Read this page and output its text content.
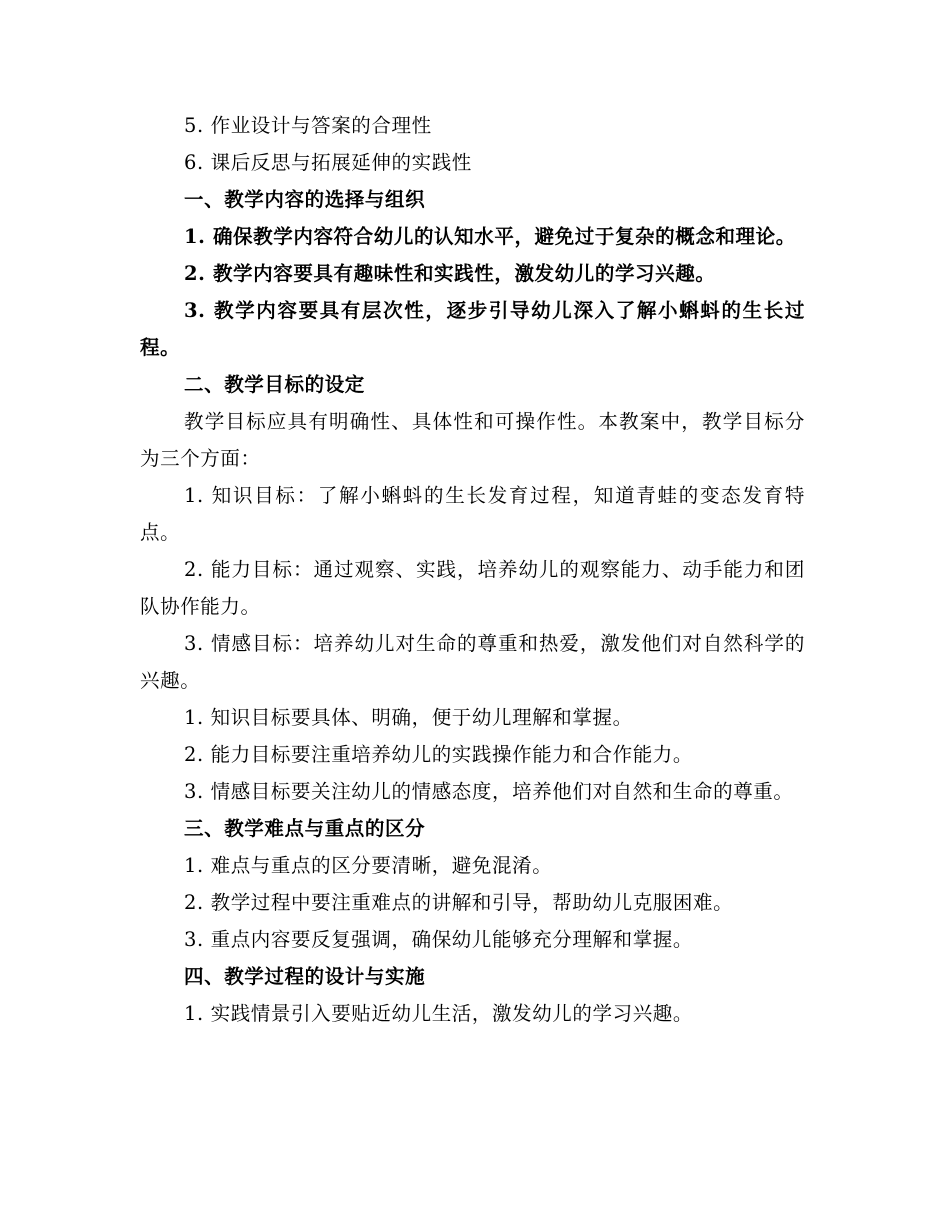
5. 作业设计与答案的合理性

6. 课后反思与拓展延伸的实践性

一、教学内容的选择与组织

1. 确保教学内容符合幼儿的认知水平，避免过于复杂的概念和理论。

2. 教学内容要具有趣味性和实践性，激发幼儿的学习兴趣。

3. 教学内容要具有层次性，逐步引导幼儿深入了解小蝌蚪的生长过程。

二、教学目标的设定

教学目标应具有明确性、具体性和可操作性。本教案中，教学目标分为三个方面：

1. 知识目标：了解小蝌蚪的生长发育过程，知道青蛙的变态发育特点。

2. 能力目标：通过观察、实践，培养幼儿的观察能力、动手能力和团队协作能力。

3. 情感目标：培养幼儿对生命的尊重和热爱，激发他们对自然科学的兴趣。

1. 知识目标要具体、明确，便于幼儿理解和掌握。

2. 能力目标要注重培养幼儿的实践操作能力和合作能力。

3. 情感目标要关注幼儿的情感态度，培养他们对自然和生命的尊重。

三、教学难点与重点的区分

1. 难点与重点的区分要清晰，避免混淆。

2. 教学过程中要注重难点的讲解和引导，帮助幼儿克服困难。

3. 重点内容要反复强调，确保幼儿能够充分理解和掌握。

四、教学过程的设计与实施

1. 实践情景引入要贴近幼儿生活，激发幼儿的学习兴趣。
